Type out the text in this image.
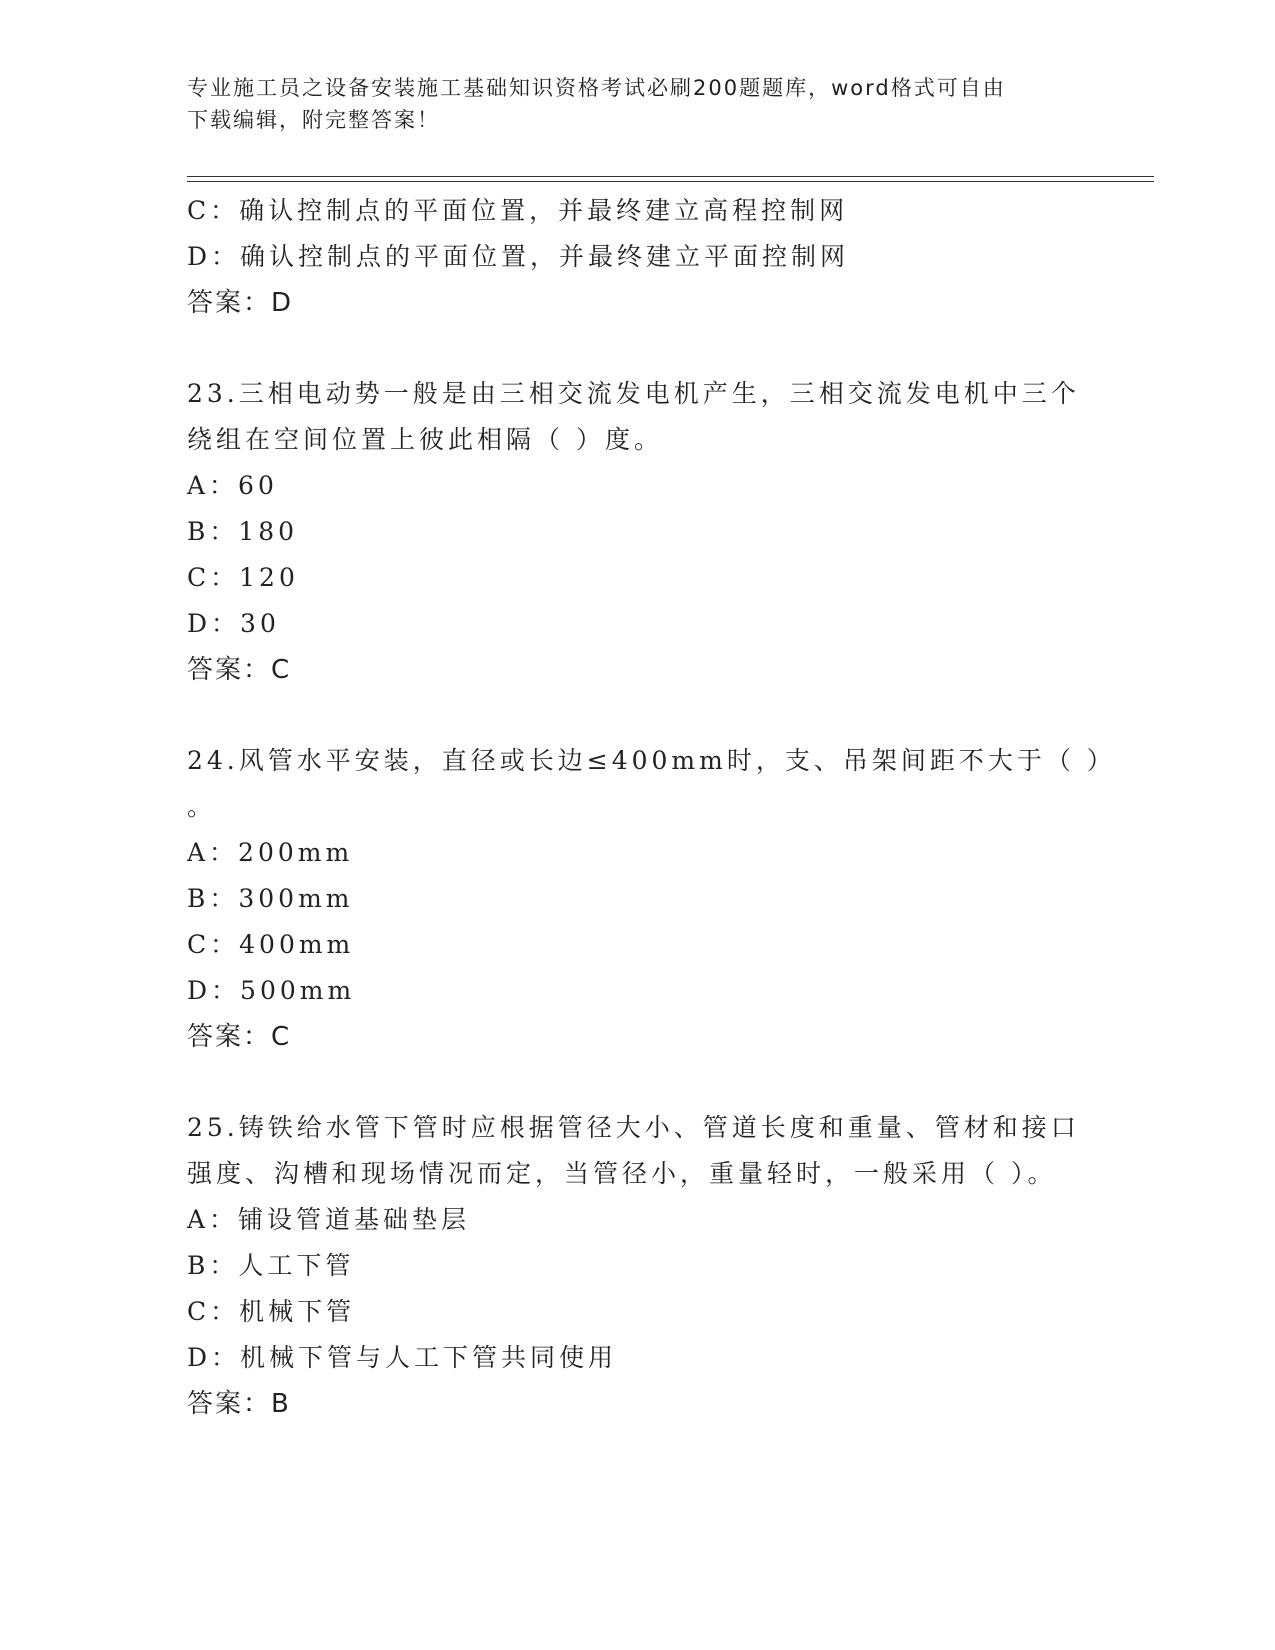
专业施工员之设备安装施工基础知识资格考试必刷200题题库，word格式可自由
下载编辑，附完整答案！
C：确认控制点的平面位置，并最终建立高程控制网
D：确认控制点的平面位置，并最终建立平面控制网
答案：D
23.三相电动势一般是由三相交流发电机产生，三相交流发电机中三个
绕组在空间位置上彼此相隔（ ）度。
A：60
B：180
C：120
D：30
答案：C
24.风管水平安装，直径或长边≤400mm时，支、吊架间距不大于（ ）
。
A：200mm
B：300mm
C：400mm
D：500mm
答案：C
25.铸铁给水管下管时应根据管径大小、管道长度和重量、管材和接口
强度、沟槽和现场情况而定，当管径小，重量轻时，一般采用（ ）。
A：铺设管道基础垫层
B：人工下管
C：机械下管
D：机械下管与人工下管共同使用
答案：B
